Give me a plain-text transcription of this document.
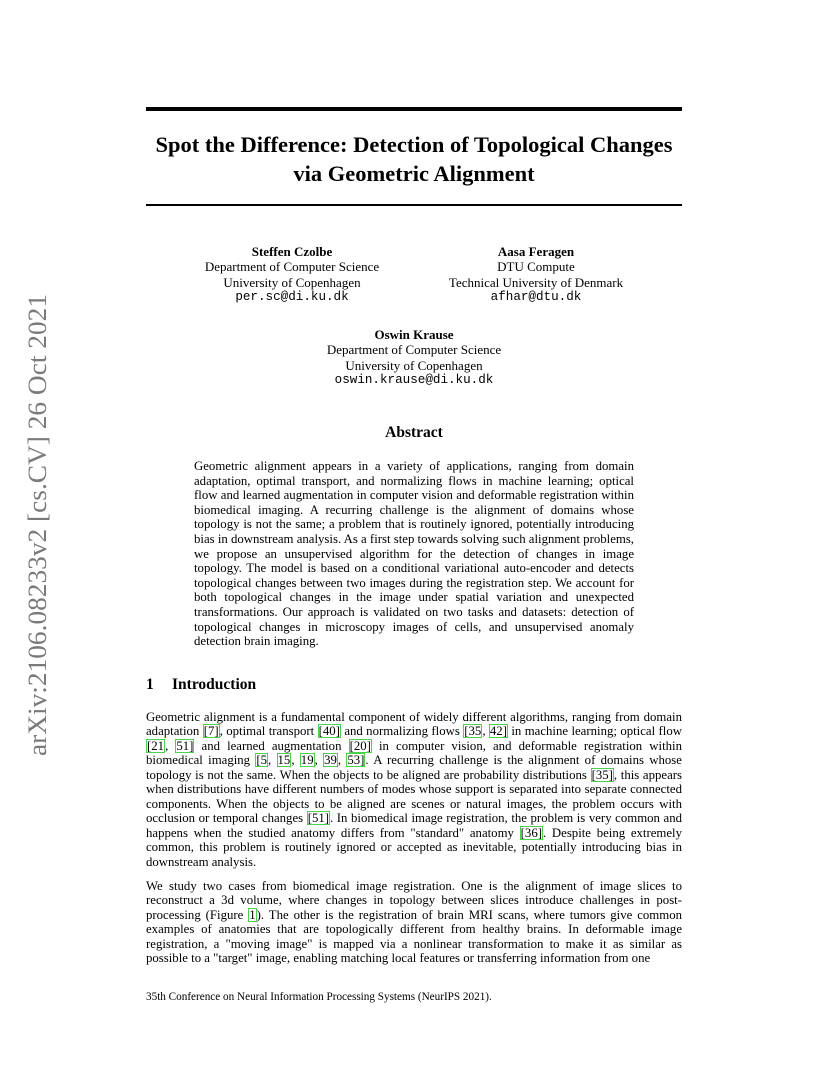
arXiv:2106.08233v2 [cs.CV] 26 Oct 2021
Spot the Difference: Detection of Topological Changes
via Geometric Alignment
Steffen Czolbe
Department of Computer Science
University of Copenhagen
per.sc@di.ku.dk
Aasa Feragen
DTU Compute
Technical University of Denmark
afhar@dtu.dk
Oswin Krause
Department of Computer Science
University of Copenhagen
oswin.krause@di.ku.dk
Abstract

Geometric alignment appears in a variety of applications, ranging from domain adaptation, optimal transport, and normalizing flows in machine learning; optical flow and learned augmentation in computer vision and deformable registration within biomedical imaging. A recurring challenge is the alignment of domains whose topology is not the same; a problem that is routinely ignored, potentially introducing bias in downstream analysis. As a first step towards solving such alignment problems, we propose an unsupervised algorithm for the detection of changes in image topology. The model is based on a conditional variational auto-encoder and detects topological changes between two images during the registration step. We account for both topological changes in the image under spatial variation and unexpected transformations. Our approach is validated on two tasks and datasets: detection of topological changes in microscopy images of cells, and unsupervised anomaly detection brain imaging.

1 Introduction

Geometric alignment is a fundamental component of widely different algorithms, ranging from domain adaptation [7], optimal transport [40] and normalizing flows [35, 42] in machine learning; optical flow [21, 51] and learned augmentation [20] in computer vision, and deformable registration within biomedical imaging [5, 15, 19, 39, 53]. A recurring challenge is the alignment of domains whose topology is not the same. When the objects to be aligned are probability distributions [35], this appears when distributions have different numbers of modes whose support is separated into separate connected components. When the objects to be aligned are scenes or natural images, the problem occurs with occlusion or temporal changes [51]. In biomedical image registration, the problem is very common and happens when the studied anatomy differs from "standard" anatomy [36]. Despite being extremely common, this problem is routinely ignored or accepted as inevitable, potentially introducing bias in downstream analysis.

We study two cases from biomedical image registration. One is the alignment of image slices to reconstruct a 3d volume, where changes in topology between slices introduce challenges in post-processing (Figure 1). The other is the registration of brain MRI scans, where tumors give common examples of anatomies that are topologically different from healthy brains. In deformable image registration, a "moving image" is mapped via a nonlinear transformation to make it as similar as possible to a "target" image, enabling matching local features or transferring information from one

35th Conference on Neural Information Processing Systems (NeurIPS 2021).
